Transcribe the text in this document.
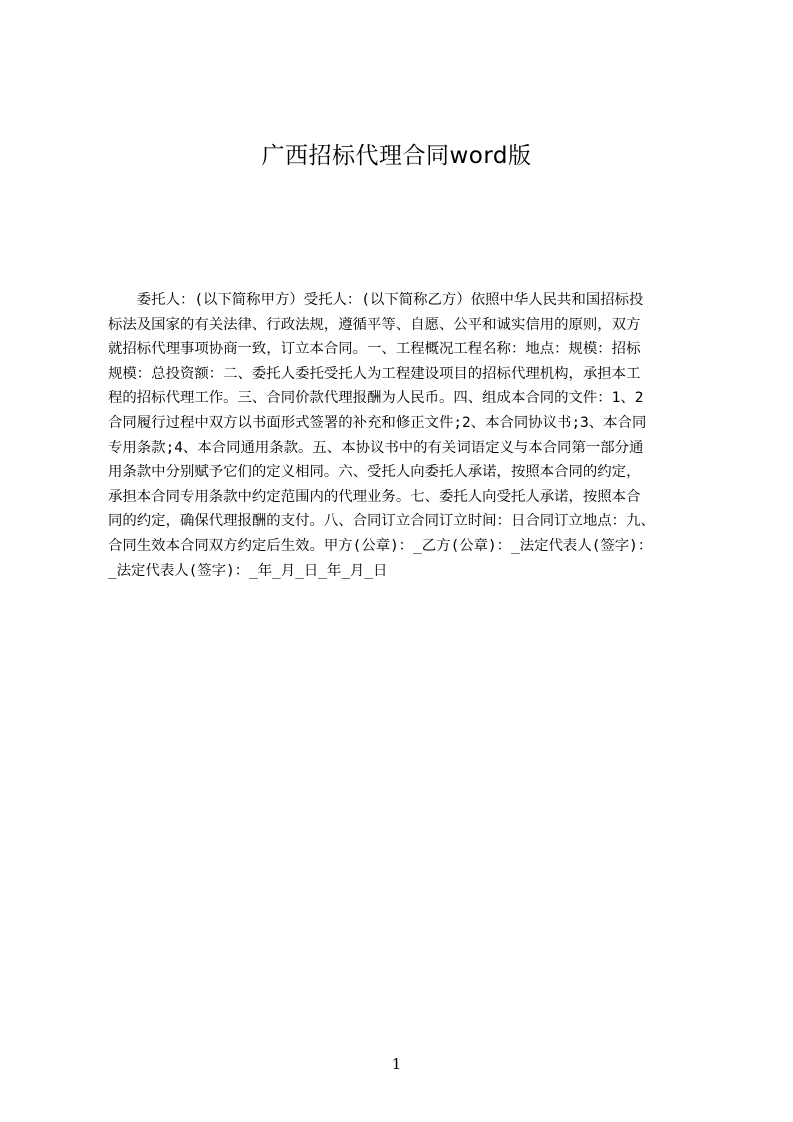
广西招标代理合同word版
　　委托人：(以下简称甲方）受托人：(以下简称乙方）依照中华人民共和国招标投
标法及国家的有关法律、行政法规，遵循平等、自愿、公平和诚实信用的原则，双方
就招标代理事项协商一致，订立本合同。一、工程概况工程名称：地点：规模：招标
规模：总投资额：二、委托人委托受托人为工程建设项目的招标代理机构，承担本工
程的招标代理工作。三、合同价款代理报酬为人民币。四、组成本合同的文件：1、2
合同履行过程中双方以书面形式签署的补充和修正文件;2、本合同协议书;3、本合同
专用条款;4、本合同通用条款。五、本协议书中的有关词语定义与本合同第一部分通
用条款中分别赋予它们的定义相同。六、受托人向委托人承诺，按照本合同的约定，
承担本合同专用条款中约定范围内的代理业务。七、委托人向受托人承诺，按照本合
同的约定，确保代理报酬的支付。八、合同订立合同订立时间：日合同订立地点：九、
合同生效本合同双方约定后生效。甲方(公章)：_乙方(公章)：_法定代表人(签字)：
_法定代表人(签字)：_年_月_日_年_月_日
1
